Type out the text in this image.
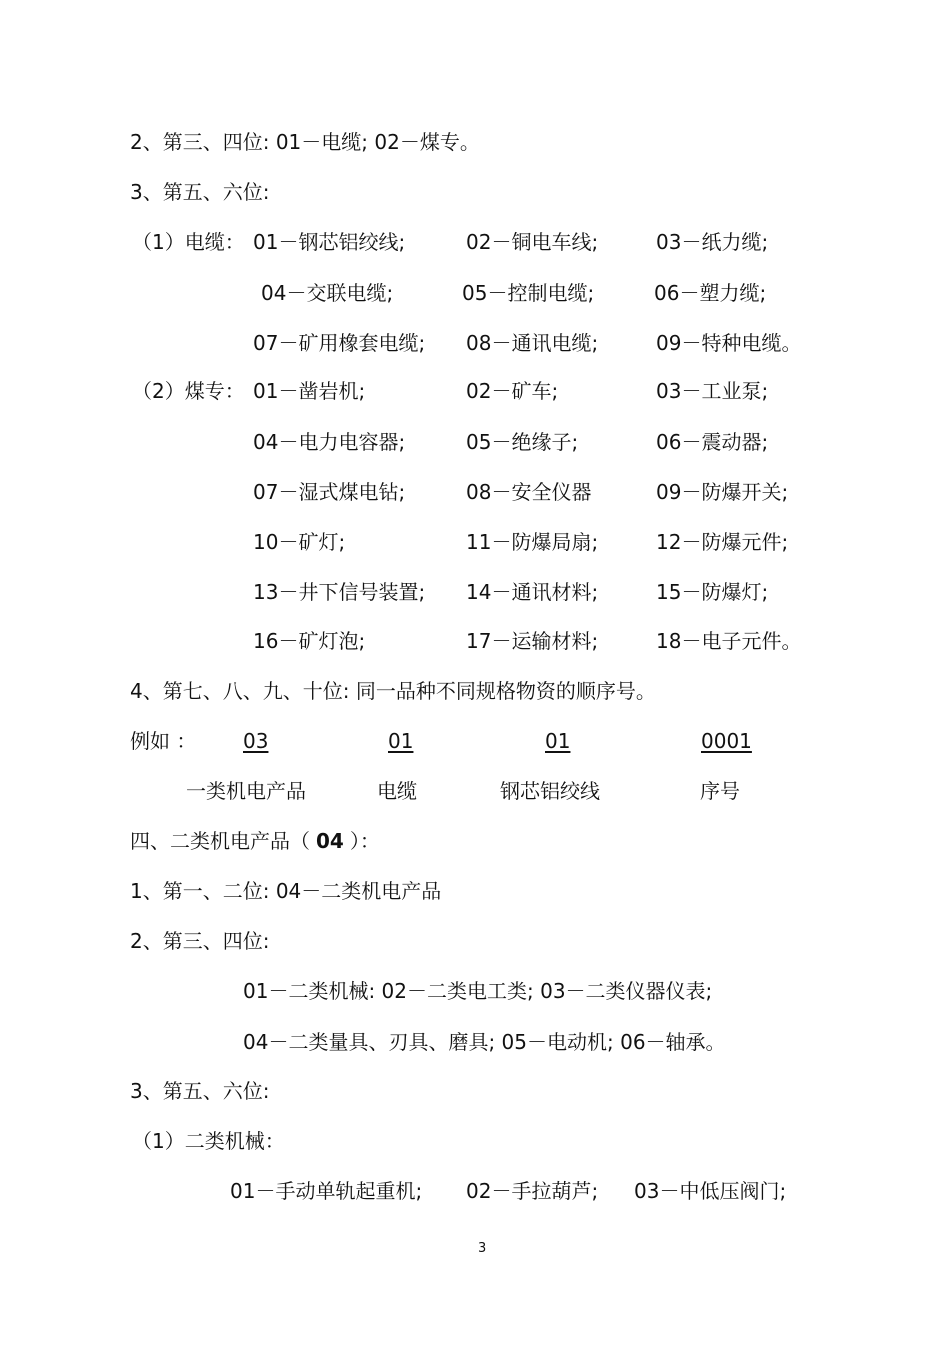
2、第三、四位: 01－电缆; 02－煤专。
3、第五、六位:
（1）电缆： 01－钢芯铝绞线;	02－铜电车线;	03－纸力缆;
04－交联电缆;	05－控制电缆;	06－塑力缆;
07－矿用橡套电缆; 08－通讯电缆;	09－特种电缆。
（2）煤专： 01－凿岩机;	02－矿车;	03－工业泵;
04－电力电容器;	05－绝缘子;	06－震动器;
07－湿式煤电钻;	08－安全仪器	09－防爆开关;
10－矿灯;	11－防爆局扇;	12－防爆元件;
13－井下信号装置; 14－通讯材料;	15－防爆灯;
16－矿灯泡;	17－运输材料;	18－电子元件。
4、第七、八、九、十位: 同一品种不同规格物资的顺序号。
例如 ： 03	01	01	0001
一类机电产品	电缆	钢芯铝绞线	序号
四、二类机电产品（ 04 ）：
1、第一、二位: 04－二类机电产品
2、第三、四位:
01－二类机械: 02－二类电工类; 03－二类仪器仪表;
04－二类量具、刃具、磨具; 05－电动机; 06－轴承。
3、第五、六位:
（1）二类机械：
01－手动单轨起重机; 02－手拉葫芦; 03－中低压阀门;
3
